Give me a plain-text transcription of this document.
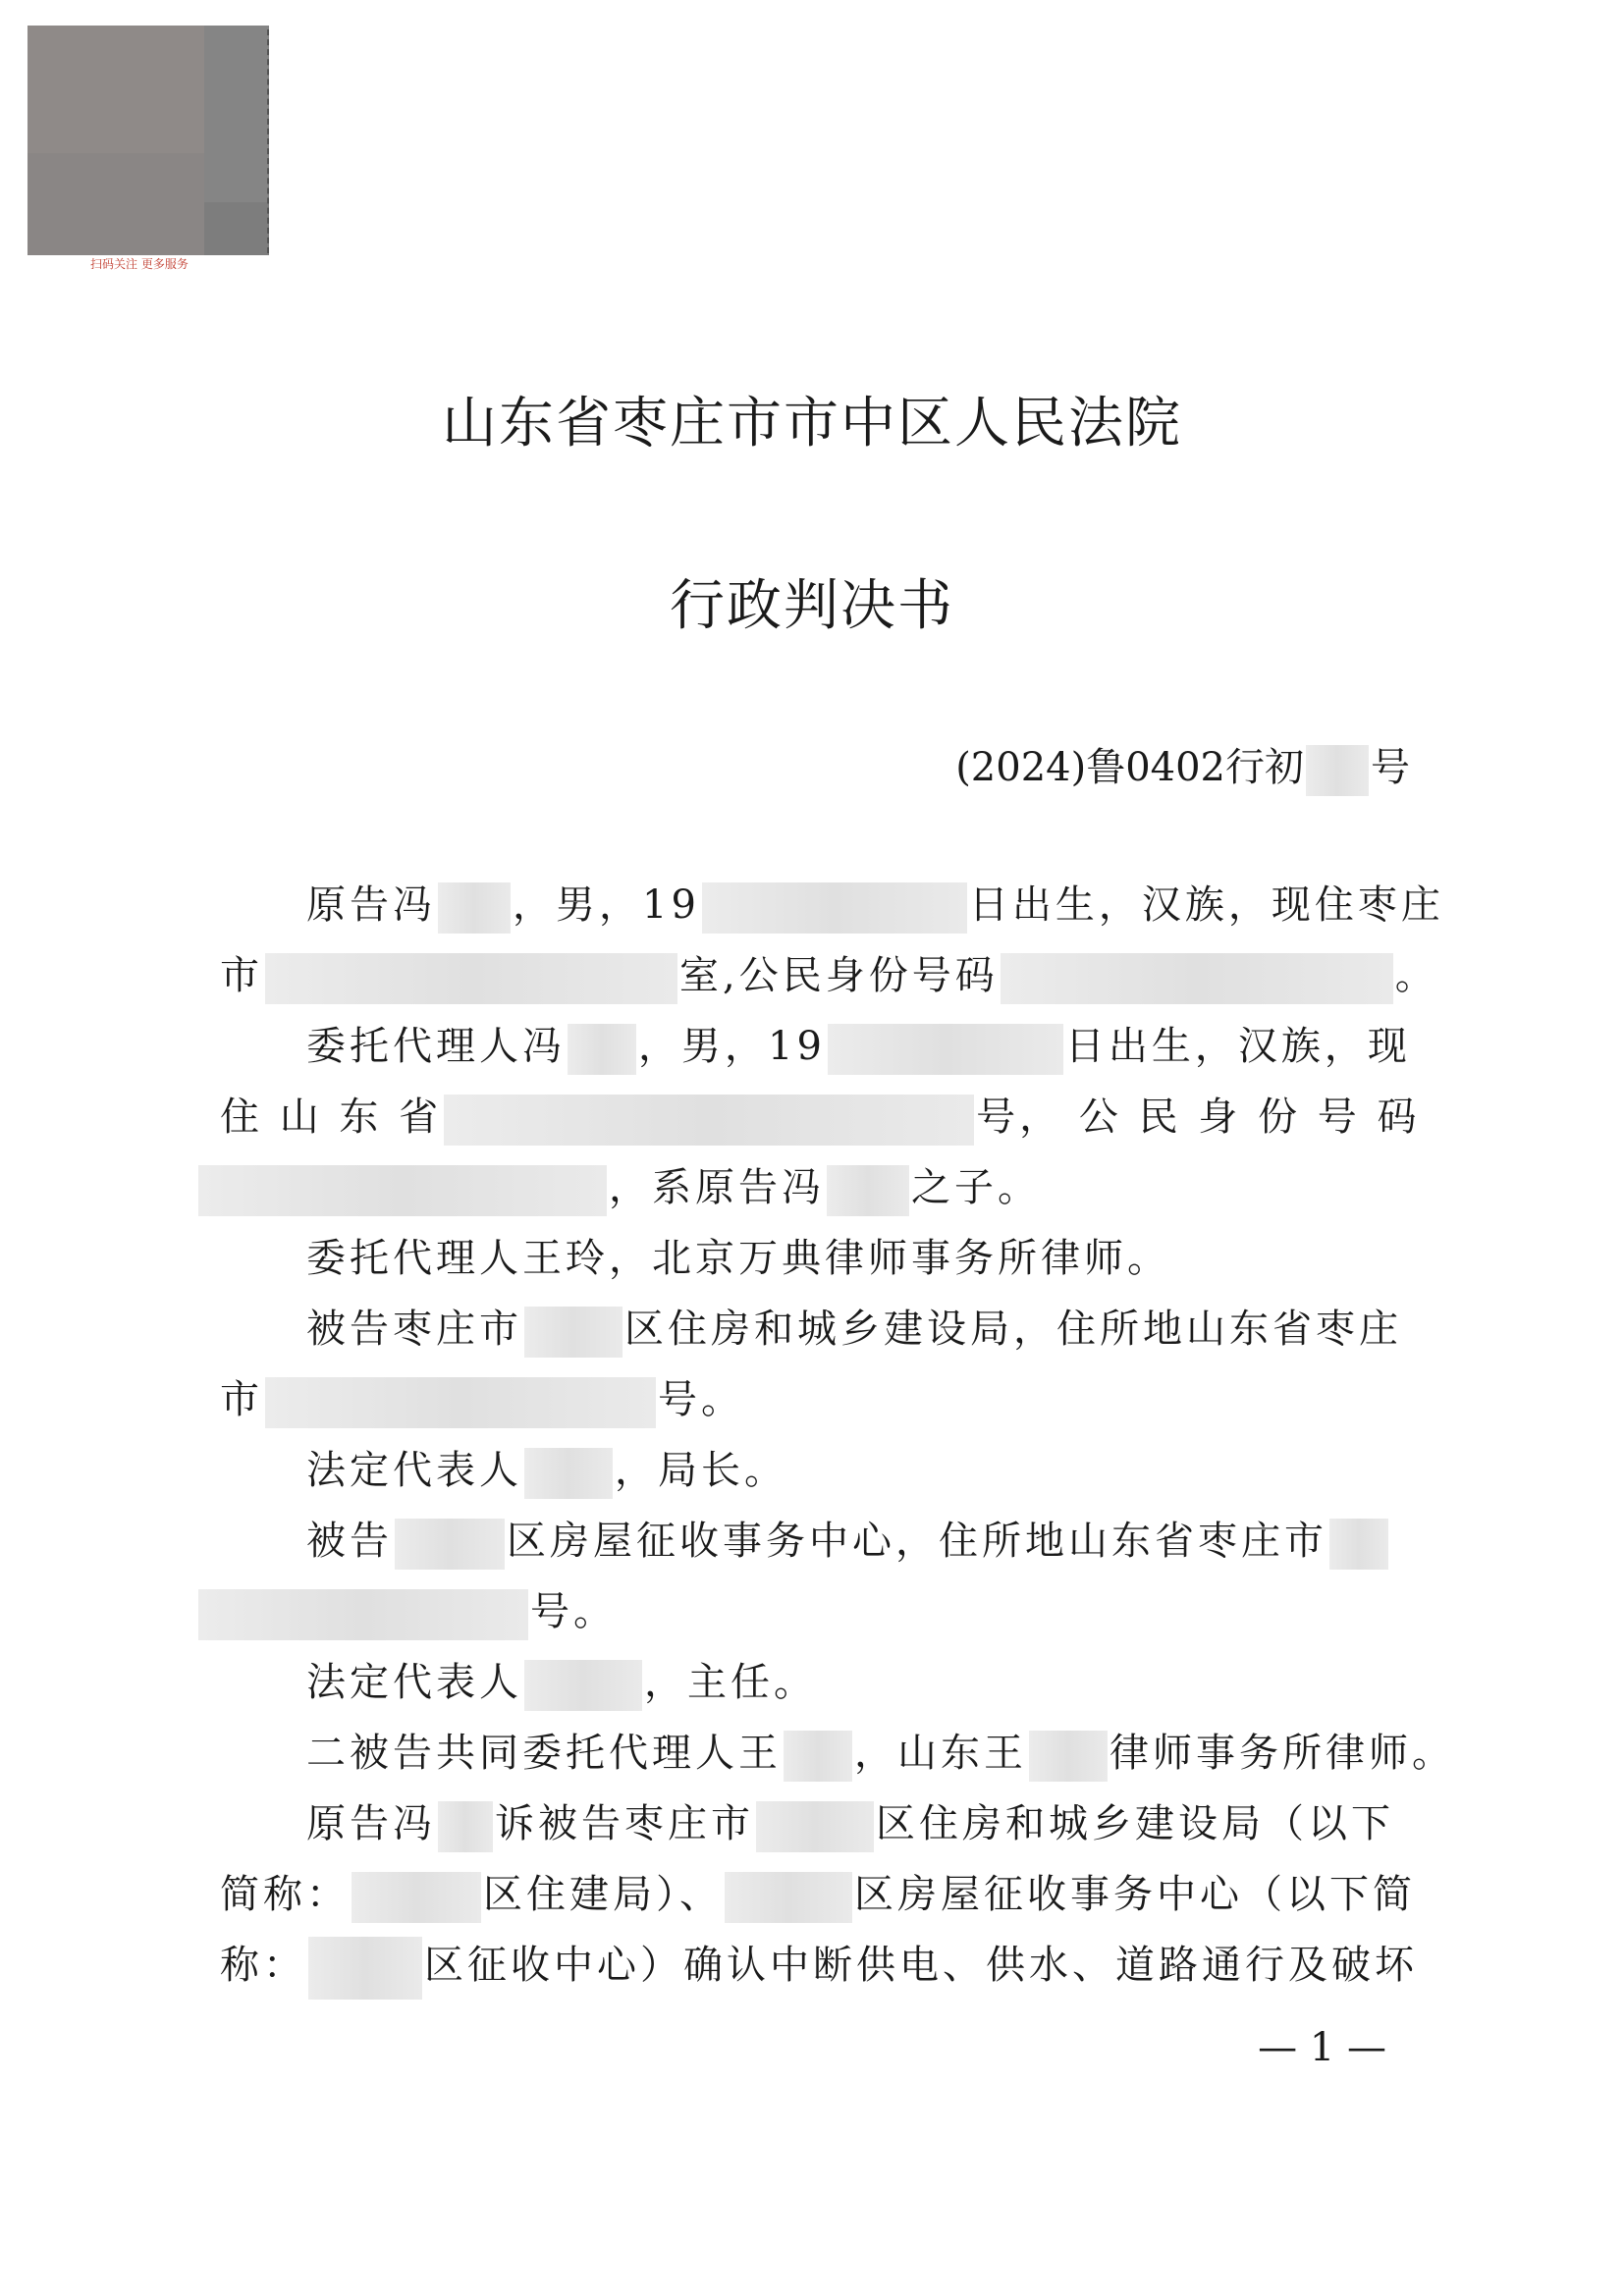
扫码关注 更多服务
山东省枣庄市市中区人民法院
行政判决书
(2024)鲁0402行初 号
原告冯 ，男，19	日出生，汉族，现住枣庄
市	室,公民身份号码	。
委托代理人冯 ，男，19	日出生，汉族，现
住 山 东 省	号， 公 民 身 份 号 码
，系原告冯 之子。
委托代理人王玲，北京万典律师事务所律师。
被告枣庄市	区住房和城乡建设局，住所地山东省枣庄
市	号。
法定代表人 ，局长。
被告	区房屋征收事务中心，住所地山东省枣庄市
号。
法定代表人	，主任。
二被告共同委托代理人王 ，山东王 律师事务所律师。
原告冯 诉被告枣庄市	区住房和城乡建设局（以下
简称：	区住建局）、	区房屋征收事务中心（以下简
称：	区征收中心）确认中断供电、供水、道路通行及破坏
— 1 —
